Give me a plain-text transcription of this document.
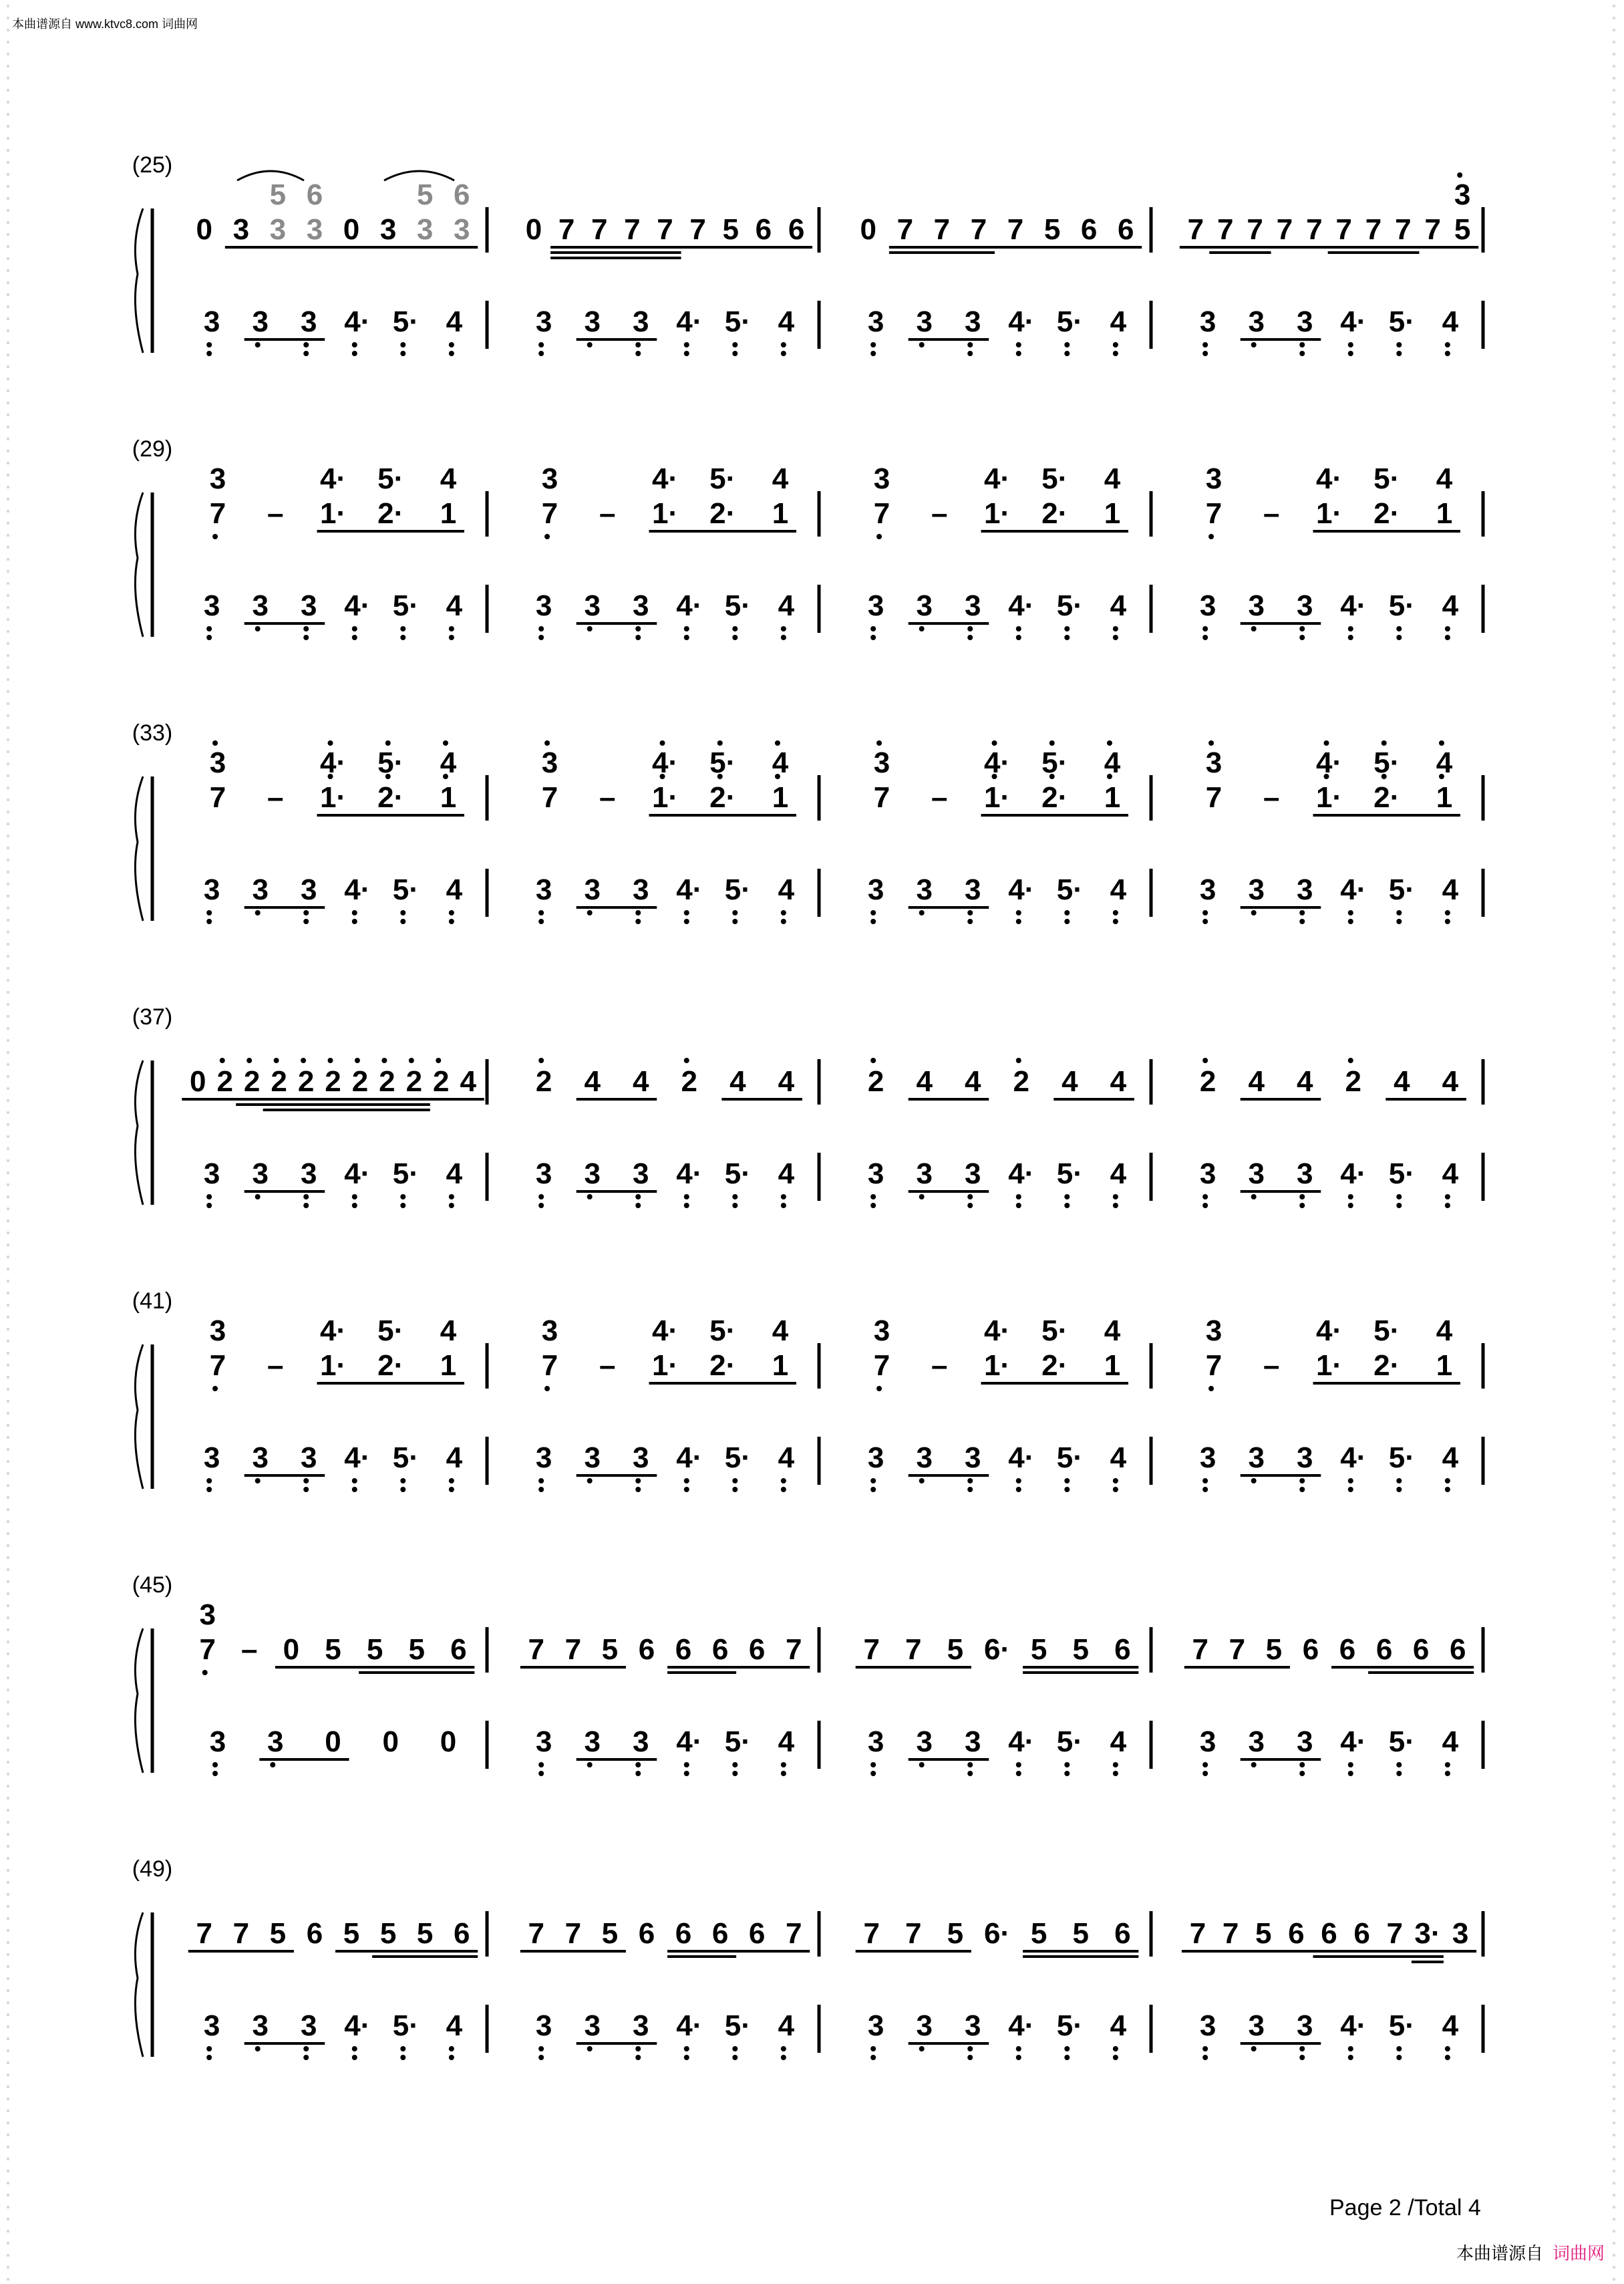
本曲谱源自 www.ktvc8.com 词曲网
(25)
0 3 3
5
3
6
0 3 3
5
3
6
3 3 3 4· 5· 4
0 7 7 7 7 7 5 6 6
3 3 3 4· 5· 4
0 7 7 7 7 5 6 6
3 3 3 4· 5· 4
7 7 7 7 7 7 7 7 7 5
3
3 3 3 4· 5· 4
(29)
7
3
– 1·
4·
2·
5·
1
4
3 3 3 4· 5· 4
7
3
– 1·
4·
2·
5·
1
4
3 3 3 4· 5· 4
7
3
– 1·
4·
2·
5·
1
4
3 3 3 4· 5· 4
7
3
– 1·
4·
2·
5·
1
4
3 3 3 4· 5· 4
(33)
7
3
– 1·
4·
2·
5·
1
4
3 3 3 4· 5· 4
7
3
– 1·
4·
2·
5·
1
4
3 3 3 4· 5· 4
7
3
– 1·
4·
2·
5·
1
4
3 3 3 4· 5· 4
7
3
– 1·
4·
2·
5·
1
4
3 3 3 4· 5· 4
(37)
0 2 2 2 2 2 2 2 2 2 4
3 3 3 4· 5· 4
2 4 4 2 4 4
3 3 3 4· 5· 4
2 4 4 2 4 4
3 3 3 4· 5· 4
2 4 4 2 4 4
3 3 3 4· 5· 4
(41)
7
3
– 1·
4·
2·
5·
1
4
3 3 3 4· 5· 4
7
3
– 1·
4·
2·
5·
1
4
3 3 3 4· 5· 4
7
3
– 1·
4·
2·
5·
1
4
3 3 3 4· 5· 4
7
3
– 1·
4·
2·
5·
1
4
3 3 3 4· 5· 4
(45)
7
3
– 0 5 5 5 6
3 3 0 0 0
7 7 5 6 6 6 6 7
3 3 3 4· 5· 4
7 7 5 6· 5 5 6
3 3 3 4· 5· 4
7 7 5 6 6 6 6 6
3 3 3 4· 5· 4
(49)
7 7 5 6 5 5 5 6
3 3 3 4· 5· 4
7 7 5 6 6 6 6 7
3 3 3 4· 5· 4
7 7 5 6· 5 5 6
3 3 3 4· 5· 4
7 7 5 6 6 6 7 3· 3
3 3 3 4· 5· 4
Page 2 /Total 4
本曲谱源自 词曲网
